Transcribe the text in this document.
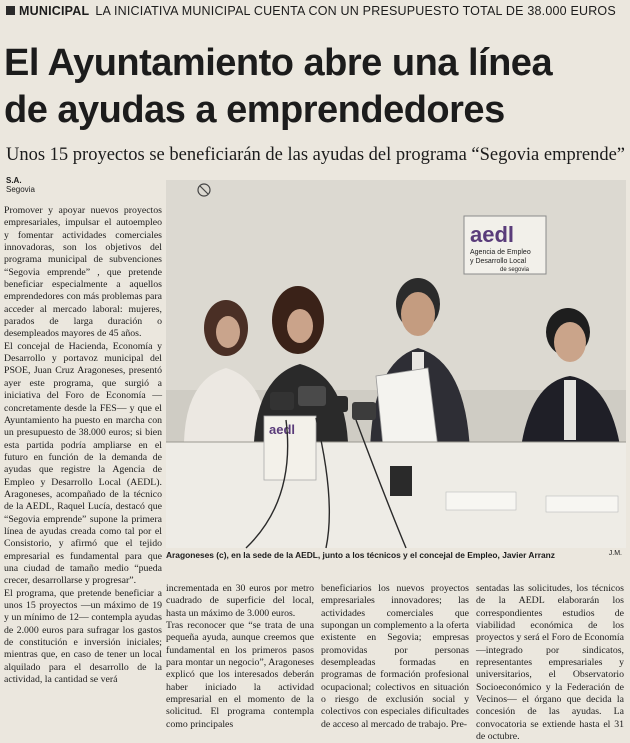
MUNICIPAL LA INICIATIVA MUNICIPAL CUENTA CON UN PRESUPUESTO TOTAL DE 38.000 EUROS
El Ayuntamiento abre una línea
de ayudas a emprendedores
Unos 15 proyectos se beneficiarán de las ayudas del programa “Segovia emprende”
S.A.
Segovia

Promover y apoyar nuevos proyectos empresariales, impulsar el autoempleo y fomentar actividades comerciales innovadoras, son los objetivos del programa municipal de subvenciones “Segovia emprende” , que pretende beneficiar especialmente a aquellos emprendedores con más problemas para acceder al mercado laboral: mujeres, parados de larga duración o desempleados mayores de 45 años.

El concejal de Hacienda, Economía y Desarrollo y portavoz municipal del PSOE, Juan Cruz Aragoneses, presentó ayer este programa, que surgió a iniciativa del Foro de Economía —concretamente desde la FES— y que el Ayuntamiento ha puesto en marcha con un presupuesto de 38.000 euros; si bien esta partida podría ampliarse en el futuro en función de la demanda de ayudas que registre la Agencia de Empleo y Desarrollo Local (AEDL). Aragoneses, acompañado de la técnico de la AEDL, Raquel Lucía, destacó que “Segovia emprende” supone la primera línea de ayudas creada como tal por el Consistorio, y afirmó que el tejido empresarial es fundamental para que una ciudad de tamaño medio “pueda crecer, desarrollarse y progresar”.

El programa, que pretende beneficiar a unos 15 proyectos —un máximo de 19 y un mínimo de 12— contempla ayudas de 2.000 euros para sufragar los gastos de constitución e inversión iniciales; mientras que, en caso de tener un local alquilado para el desarrollo de la actividad, la cantidad se verá

aedl
Agencia de Empleo
y Desarrollo Local
de segovia
aedl
Aragoneses (c), en la sede de la AEDL, junto a los técnicos y el concejal de Empleo, Javier Arranz	J.M.

incrementada en 30 euros por metro cuadrado de superficie del local, hasta un máximo de 3.000 euros.

Tras reconocer que “se trata de una pequeña ayuda, aunque creemos que fundamental en los primeros pasos para montar un negocio”, Aragoneses explicó que los interesados deberán haber iniciado la actividad empresarial en el momento de la solicitud. El programa contempla como principales

beneficiarios los nuevos proyectos empresariales innovadores; las actividades comerciales que supongan un complemento a la oferta existente en Segovia; empresas promovidas por personas desempleadas formadas en programas de formación profesional ocupacional; colectivos en situación o riesgo de exclusión social y colectivos con especiales dificultades de acceso al mercado de trabajo. Pre-

sentadas las solicitudes, los técnicos de la AEDL elaborarán los correspondientes estudios de viabilidad económica de los proyectos y será el Foro de Economía —integrado por sindicatos, representantes empresariales y universitarios, el Observatorio Socioeconómico y la Federación de Vecinos— el órgano que decida la concesión de las ayudas. La convocatoria se extiende hasta el 31 de octubre.
